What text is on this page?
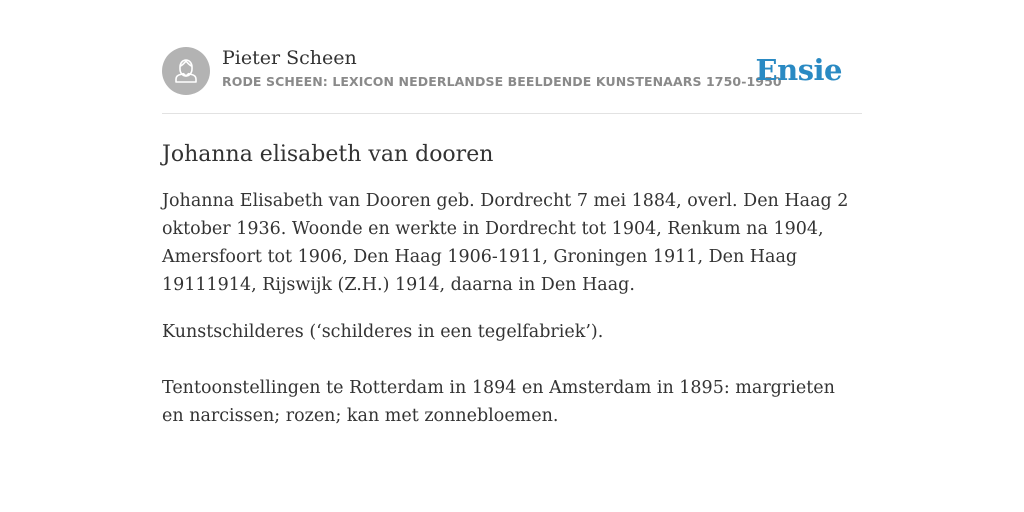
Pieter Scheen
RODE SCHEEN: LEXICON NEDERLANDSE BEELDENDE KUNSTENAARS 1750-1950
Ensie
Johanna elisabeth van dooren

Johanna Elisabeth van Dooren geb. Dordrecht 7 mei 1884, overl. Den Haag 2 oktober 1936. Woonde en werkte in Dordrecht tot 1904, Renkum na 1904, Amersfoort tot 1906, Den Haag 1906-1911, Groningen 1911, Den Haag 19111914, Rijswijk (Z.H.) 1914, daarna in Den Haag.

Kunstschilderes (‘schilderes in een tegelfabriek’).

Tentoonstellingen te Rotterdam in 1894 en Amsterdam in 1895: margrieten en narcissen; rozen; kan met zonnebloemen.
